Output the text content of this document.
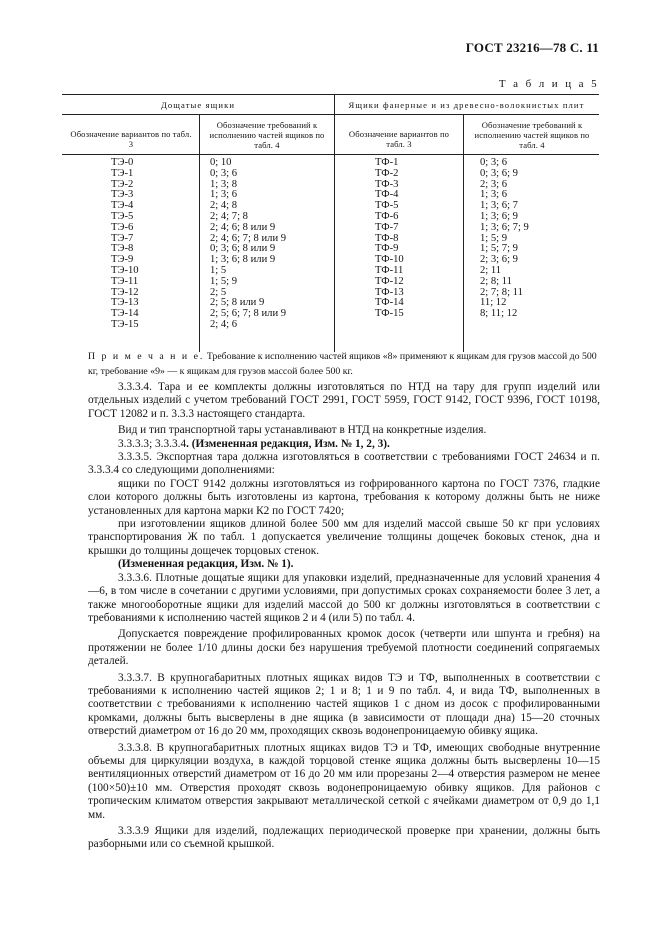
ГОСТ 23216—78 С. 11
Т а б л и ц а 5
Дощатые ящики	Ящики фанерные и из древесно-волокнистых плит
Обозначение вариантов по табл. 3
Обозначение требований к исполнению частей ящиков по табл. 4
Обозначение вариантов по табл. 3
Обозначение требований к исполнению частей ящиков по табл. 4
ТЭ-0
ТЭ-1
ТЭ-2
ТЭ-3
ТЭ-4
ТЭ-5
ТЭ-6
ТЭ-7
ТЭ-8
ТЭ-9
ТЭ-10
ТЭ-11
ТЭ-12
ТЭ-13
ТЭ-14
ТЭ-15
0; 10
0; 3; 6
1; 3; 8
1; 3; 6
2; 4; 8
2; 4; 7; 8
2; 4; 6; 8 или 9
2; 4; 6; 7; 8 или 9
0; 3; 6; 8 или 9
1; 3; 6; 8 или 9
1; 5
1; 5; 9
2; 5
2; 5; 8 или 9
2; 5; 6; 7; 8 или 9
2; 4; 6
ТФ-1
ТФ-2
ТФ-3
ТФ-4
ТФ-5
ТФ-6
ТФ-7
ТФ-8
ТФ-9
ТФ-10
ТФ-11
ТФ-12
ТФ-13
ТФ-14
ТФ-15
0; 3; 6
0; 3; 6; 9
2; 3; 6
1; 3; 6
1; 3; 6; 7
1; 3; 6; 9
1; 3; 6; 7; 9
1; 5; 9
1; 5; 7; 9
2; 3; 6; 9
2; 11
2; 8; 11
2; 7; 8; 11
11; 12
8; 11; 12
П р и м е ч а н и е. Требование к исполнению частей ящиков «8» применяют к ящикам для грузов массой до 500 кг, требование «9» — к ящикам для грузов массой более 500 кг.

3.3.3.4. Тара и ее комплекты должны изготовляться по НТД на тару для групп изделий или отдельных изделий с учетом требований ГОСТ 2991, ГОСТ 5959, ГОСТ 9142, ГОСТ 9396, ГОСТ 10198, ГОСТ 12082 и п. 3.3.3 настоящего стандарта.

Вид и тип транспортной тары устанавливают в НТД на конкретные изделия.

3.3.3.3; 3.3.3.4. (Измененная редакция, Изм. № 1, 2, 3).

3.3.3.5. Экспортная тара должна изготовляться в соответствии с требованиями ГОСТ 24634 и п. 3.3.3.4 со следующими дополнениями:

ящики по ГОСТ 9142 должны изготовляться из гофрированного картона по ГОСТ 7376, гладкие слои которого должны быть изготовлены из картона, требования к которому должны быть не ниже установленных для картона марки К2 по ГОСТ 7420;

при изготовлении ящиков длиной более 500 мм для изделий массой свыше 50 кг при условиях транспортирования Ж по табл. 1 допускается увеличение толщины дощечек боковых стенок, дна и крышки до толщины дощечек торцовых стенок.

(Измененная редакция, Изм. № 1).

3.3.3.6. Плотные дощатые ящики для упаковки изделий, предназначенные для условий хранения 4—6, в том числе в сочетании с другими условиями, при допустимых сроках сохраняемости более 3 лет, а также многооборотные ящики для изделий массой до 500 кг должны изготовляться в соответствии с требованиями к исполнению частей ящиков 2 и 4 (или 5) по табл. 4.

Допускается повреждение профилированных кромок досок (четверти или шпунта и гребня) на протяжении не более 1/10 длины доски без нарушения требуемой плотности соединений сопрягаемых деталей.

3.3.3.7. В крупногабаритных плотных ящиках видов ТЭ и ТФ, выполненных в соответствии с требованиями к исполнению частей ящиков 2; 1 и 8; 1 и 9 по табл. 4, и вида ТФ, выполненных в соответствии с требованиями к исполнению частей ящиков 1 с дном из досок с профилированными кромками, должны быть высверлены в дне ящика (в зависимости от площади дна) 15—20 сточных отверстий диаметром от 16 до 20 мм, проходящих сквозь водонепроницаемую обивку ящика.

3.3.3.8. В крупногабаритных плотных ящиках видов ТЭ и ТФ, имеющих свободные внутренние объемы для циркуляции воздуха, в каждой торцовой стенке ящика должны быть высверлены 10—15 вентиляционных отверстий диаметром от 16 до 20 мм или прорезаны 2—4 отверстия размером не менее (100×50)±10 мм. Отверстия проходят сквозь водонепроницаемую обивку ящиков. Для районов с тропическим климатом отверстия закрывают металлической сеткой с ячейками диаметром от 0,9 до 1,1 мм.

3.3.3.9 Ящики для изделий, подлежащих периодической проверке при хранении, должны быть разборными или со съемной крышкой.
